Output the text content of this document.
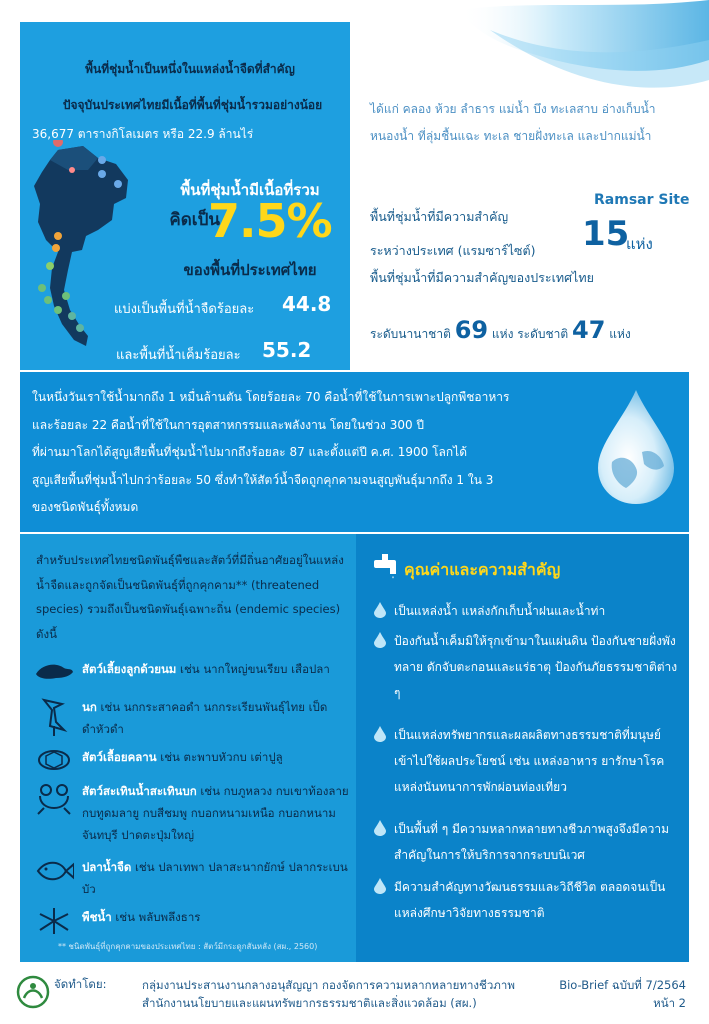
พื้นที่ชุ่มน้ำเป็นหนึ่งในแหล่งน้ำจืดที่สำคัญ
ปัจจุบันประเทศไทยมีเนื้อที่พื้นที่ชุ่มน้ำรวมอย่างน้อย
36,677 ตารางกิโลเมตร หรือ 22.9 ล้านไร่
พื้นที่ชุ่มน้ำมีเนื้อที่รวม
คิดเป็น
7.5%
ของพื้นที่ประเทศไทย
แบ่งเป็นพื้นที่น้ำจืดร้อยละ 44.8
และพื้นที่น้ำเค็มร้อยละ 55.2
ได้แก่ คลอง ห้วย ลำธาร แม่น้ำ บึง ทะเลสาบ อ่างเก็บน้ำ หนองน้ำ ที่ลุ่มชื้นแฉะ ทะเล ชายฝั่งทะเล และปากแม่น้ำ
พื้นที่ชุ่มน้ำที่มีความสำคัญ
ระหว่างประเทศ (แรมซาร์ไซต์)
Ramsar Site
15
แห่ง
พื้นที่ชุ่มน้ำที่มีความสำคัญของประเทศไทย
ระดับนานาชาติ 69 แห่ง ระดับชาติ 47 แห่ง
ในหนึ่งวันเราใช้น้ำมากถึง 1 หมื่นล้านตัน โดยร้อยละ 70 คือน้ำที่ใช้ในการเพาะปลูกพืชอาหาร
และร้อยละ 22 คือน้ำที่ใช้ในการอุตสาหกรรมและพลังงาน โดยในช่วง 300 ปี
ที่ผ่านมาโลกได้สูญเสียพื้นที่ชุ่มน้ำไปมากถึงร้อยละ 87 และตั้งแต่ปี ค.ศ. 1900 โลกได้
สูญเสียพื้นที่ชุ่มน้ำไปกว่าร้อยละ 50 ซึ่งทำให้สัตว์น้ำจืดถูกคุกคามจนสูญพันธุ์มากถึง 1 ใน 3
ของชนิดพันธุ์ทั้งหมด
สำหรับประเทศไทยชนิดพันธุ์พืชและสัตว์ที่มีถิ่นอาศัยอยู่ในแหล่งน้ำจืดและถูกจัดเป็นชนิดพันธุ์ที่ถูกคุกคาม** (threatened species) รวมถึงเป็นชนิดพันธุ์เฉพาะถิ่น (endemic species) ดังนี้
สัตว์เลี้ยงลูกด้วยนม เช่น นากใหญ่ขนเรียบ เสือปลา
นก เช่น นกกระสาคอดำ นกกระเรียนพันธุ์ไทย เป็ดดำหัวดำ
สัตว์เลื้อยคลาน เช่น ตะพาบหัวกบ เต่าปูลู
สัตว์สะเทินน้ำสะเทินบก เช่น กบภูหลวง กบเขาท้องลาย กบทูดมลายู กบสีชมพู กบอกหนามเหนือ กบอกหนามจันทบุรี ปาดตะปุ่มใหญ่
ปลาน้ำจืด เช่น ปลาเทพา ปลาสะนากยักษ์ ปลากระเบนบัว
พืชน้ำ เช่น พลับพลึงธาร
** ชนิดพันธุ์ที่ถูกคุกคามของประเทศไทย : สัตว์มีกระดูกสันหลัง (สผ., 2560)
คุณค่าและความสำคัญ
เป็นแหล่งน้ำ แหล่งกักเก็บน้ำฝนและน้ำท่า
ป้องกันน้ำเค็มมิให้รุกเข้ามาในแผ่นดิน ป้องกันชายฝั่งพังทลาย ดักจับตะกอนและแร่ธาตุ ป้องกันภัยธรรมชาติต่าง ๆ
เป็นแหล่งทรัพยากรและผลผลิตทางธรรมชาติที่มนุษย์เข้าไปใช้ผลประโยชน์ เช่น แหล่งอาหาร ยารักษาโรค แหล่งนันทนาการพักผ่อนท่องเที่ยว
เป็นพื้นที่ ๆ มีความหลากหลายทางชีวภาพสูงจึงมีความสำคัญในการให้บริการจากระบบนิเวศ
มีความสำคัญทางวัฒนธรรมและวิถีชีวิต ตลอดจนเป็นแหล่งศึกษาวิจัยทางธรรมชาติ
จัดทำโดย:	กลุ่มงานประสานงานกลางอนุสัญญา กองจัดการความหลากหลายทางชีวภาพ
สำนักงานนโยบายและแผนทรัพยากรธรรมชาติและสิ่งแวดล้อม (สผ.)
Bio-Brief ฉบับที่ 7/2564
หน้า 2
